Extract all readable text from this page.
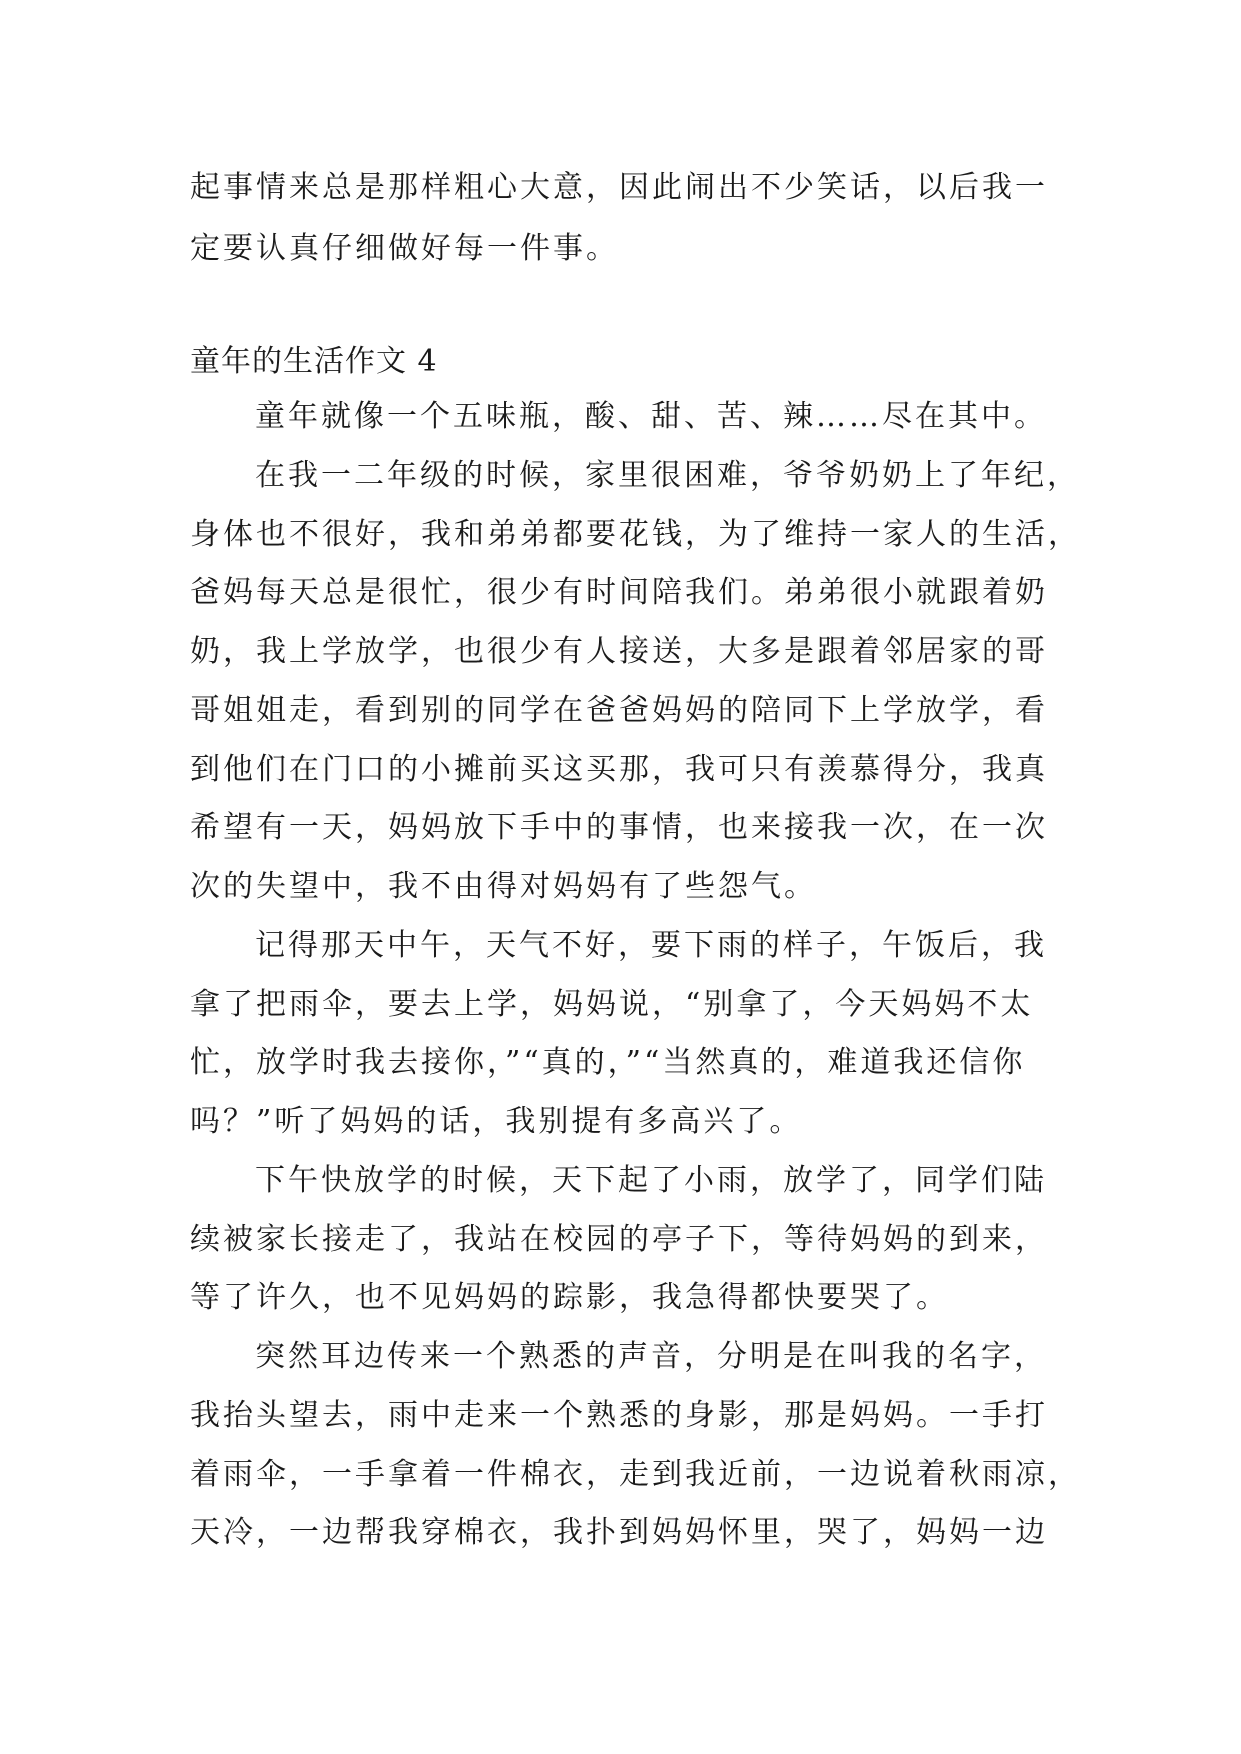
起事情来总是那样粗心大意，因此闹出不少笑话，以后我一
定要认真仔细做好每一件事。
童年的生活作文 4
童年就像一个五味瓶，酸、甜、苦、辣……尽在其中。
在我一二年级的时候，家里很困难，爷爷奶奶上了年纪，
身体也不很好，我和弟弟都要花钱，为了维持一家人的生活，
爸妈每天总是很忙，很少有时间陪我们。弟弟很小就跟着奶
奶，我上学放学，也很少有人接送，大多是跟着邻居家的哥
哥姐姐走，看到别的同学在爸爸妈妈的陪同下上学放学，看
到他们在门口的小摊前买这买那，我可只有羡慕得分，我真
希望有一天，妈妈放下手中的事情，也来接我一次，在一次
次的失望中，我不由得对妈妈有了些怨气。
记得那天中午，天气不好，要下雨的样子，午饭后，我
拿了把雨伞，要去上学，妈妈说，“别拿了，今天妈妈不太
忙，放学时我去接你，”“真的，”“当然真的，难道我还信你
吗？”听了妈妈的话，我别提有多高兴了。
下午快放学的时候，天下起了小雨，放学了，同学们陆
续被家长接走了，我站在校园的亭子下，等待妈妈的到来，
等了许久，也不见妈妈的踪影，我急得都快要哭了。
突然耳边传来一个熟悉的声音，分明是在叫我的名字，
我抬头望去，雨中走来一个熟悉的身影，那是妈妈。一手打
着雨伞，一手拿着一件棉衣，走到我近前，一边说着秋雨凉，
天冷，一边帮我穿棉衣，我扑到妈妈怀里，哭了，妈妈一边
